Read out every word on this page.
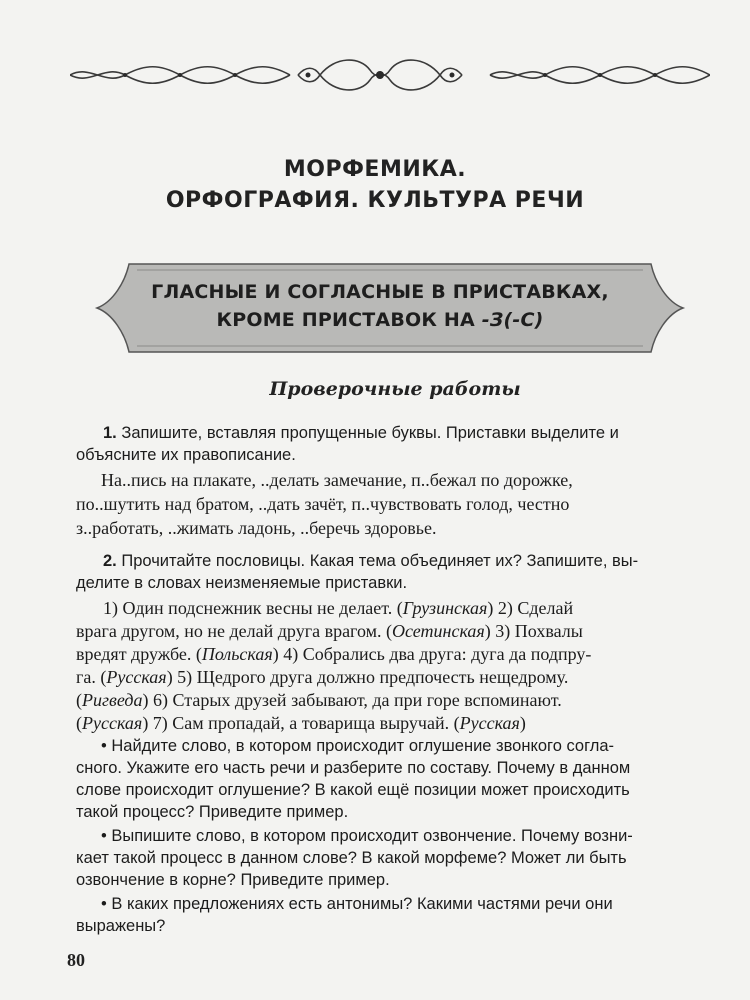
МОРФЕМИКА.
ОРФОГРАФИЯ. КУЛЬТУРА РЕЧИ
ГЛАСНЫЕ И СОГЛАСНЫЕ В ПРИСТАВКАХ,
КРОМЕ ПРИСТАВОК НА -З(-С)
Проверочные работы
1. Запишите, вставляя пропущенные буквы. Приставки выделите и
объясните их правописание.
На..пись на плакате, ..делать замечание, п..бежал по дорожке,
по..шутить над братом, ..дать зачёт, п..чувствовать голод, честно
з..работать, ..жимать ладонь, ..беречь здоровье.
2. Прочитайте пословицы. Какая тема объединяет их? Запишите, вы-
делите в словах неизменяемые приставки.
1) Один подснежник весны не делает. (Грузинская) 2) Сделай
врага другом, но не делай друга врагом. (Осетинская) 3) Похвалы
вредят дружбе. (Польская) 4) Собрались два друга: дуга да подпру-
га. (Русская) 5) Щедрого друга должно предпочесть нещедрому.
(Ригведа) 6) Старых друзей забывают, да при горе вспоминают.
(Русская) 7) Сам пропадай, а товарища выручай. (Русская)
• Найдите слово, в котором происходит оглушение звонкого согла-
сного. Укажите его часть речи и разберите по составу. Почему в данном
слове происходит оглушение? В какой ещё позиции может происходить
такой процесс? Приведите пример.
• Выпишите слово, в котором происходит озвончение. Почему возни-
кает такой процесс в данном слове? В какой морфеме? Может ли быть
озвончение в корне? Приведите пример.
• В каких предложениях есть антонимы? Какими частями речи они
выражены?
80
